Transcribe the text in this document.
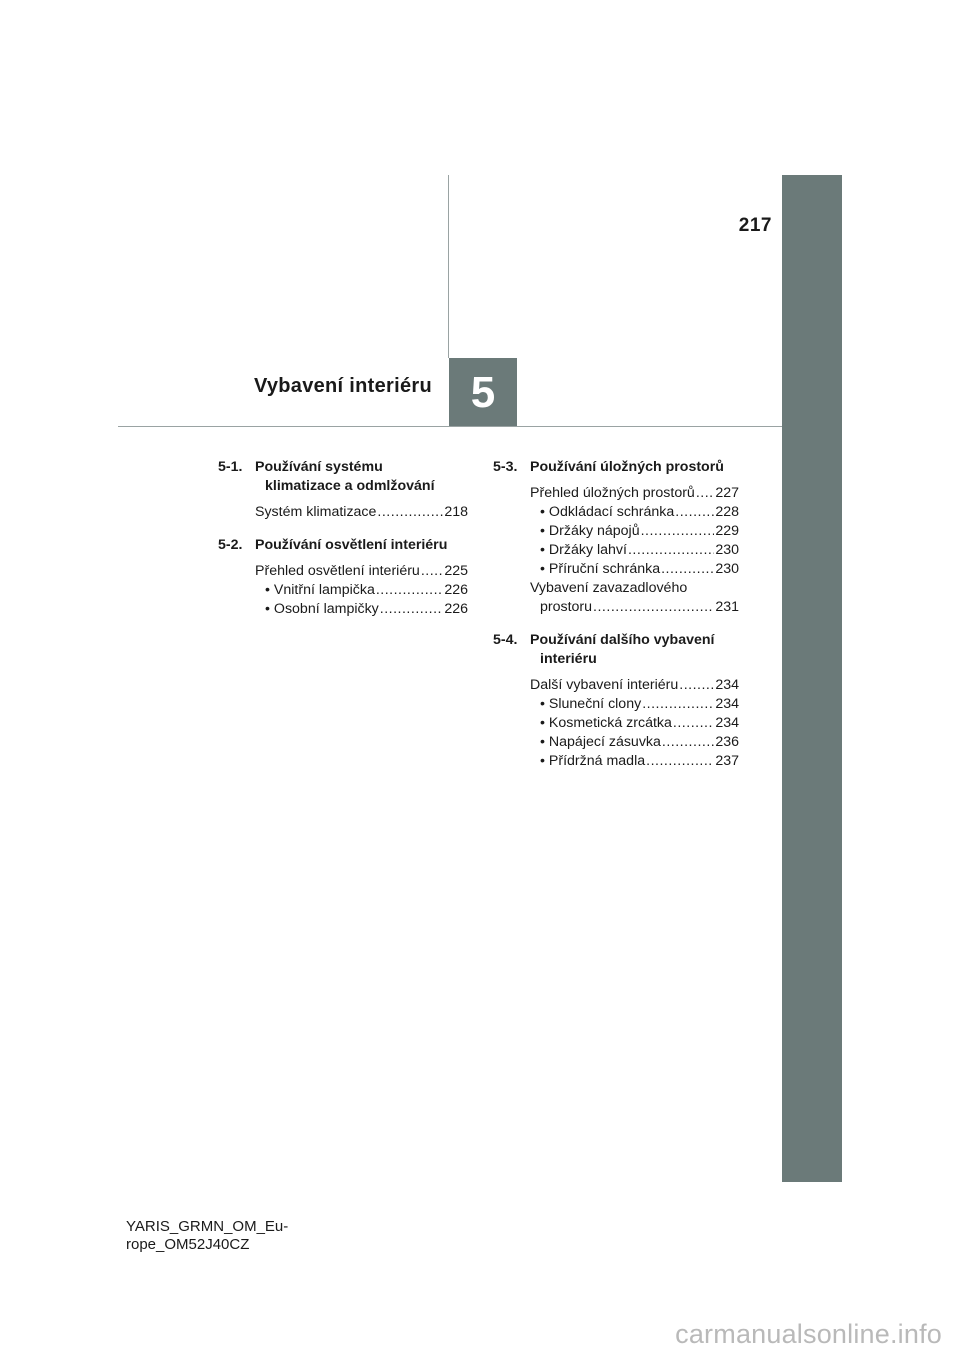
217
Vybavení interiéru 5
5-1. Používání systému
klimatizace a odmlžování
Systém klimatizace .....	218
5-2. Používání osvětlení interiéru
Přehled osvětlení interiéru ..... 225
• Vnitřní lampička .....	226
• Osobní lampičky .....	226
5-3. Používání úložných prostorů
Přehled úložných prostorů ..... 227
• Odkládací schránka .....	228
• Držáky nápojů .....	229
• Držáky lahví .....	230
• Příruční schránka .....	230
Vybavení zavazadlového
prostoru .....	231
5-4. Používání dalšího vybavení
interiéru
Další vybavení interiéru .....	234
• Sluneční clony .....	234
• Kosmetická zrcátka .....	234
• Napájecí zásuvka .....	236
• Přídržná madla .....	237
YARIS_GRMN_OM_Eu-
rope_OM52J40CZ
carmanualsonline.info
